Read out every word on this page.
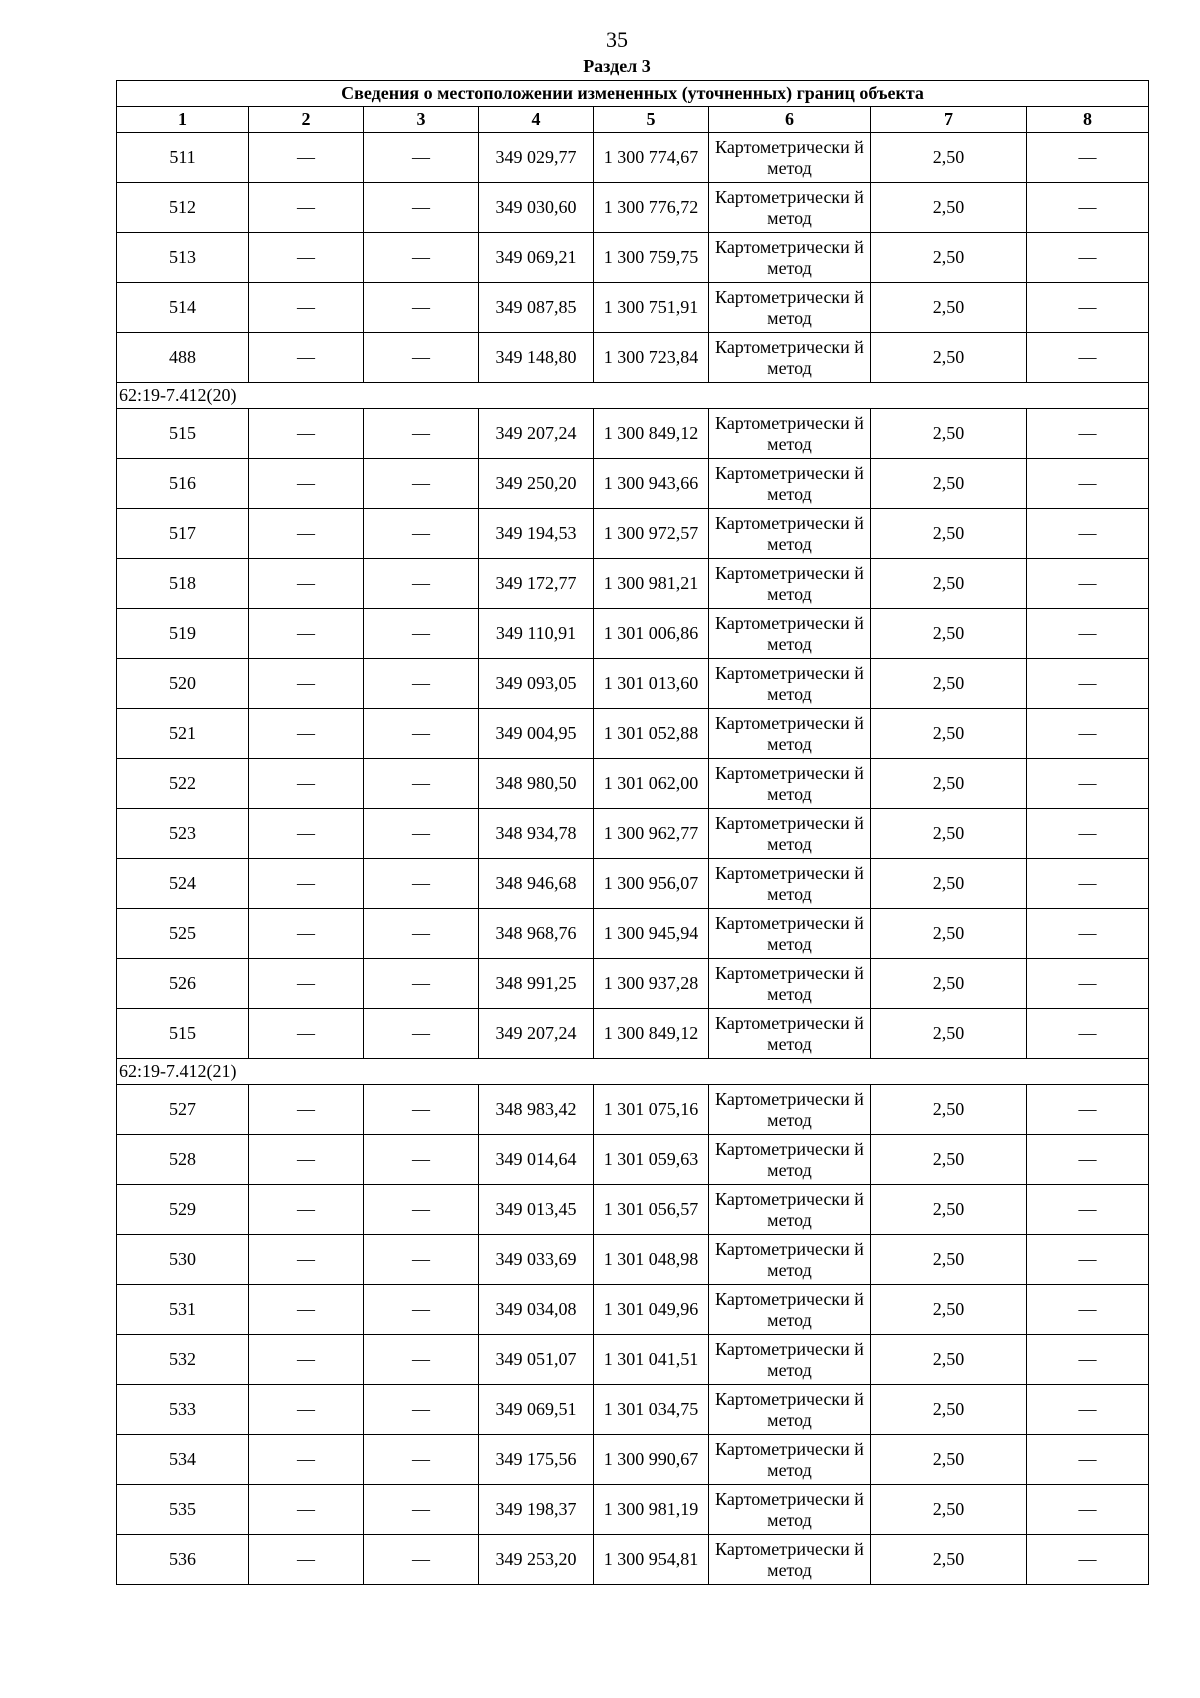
35
Раздел 3
Сведения о местоположении измененных (уточненных) границ объекта							
1	2	3	4	5	6	7	8
511	—	—	349 029,77	1 300 774,67	Картометрически й метод	2,50	—
512	—	—	349 030,60	1 300 776,72	Картометрически й метод	2,50	—
513	—	—	349 069,21	1 300 759,75	Картометрически й метод	2,50	—
514	—	—	349 087,85	1 300 751,91	Картометрически й метод	2,50	—
488	—	—	349 148,80	1 300 723,84	Картометрически й метод	2,50	—
62:19-7.412(20)							
515	—	—	349 207,24	1 300 849,12	Картометрически й метод	2,50	—
516	—	—	349 250,20	1 300 943,66	Картометрически й метод	2,50	—
517	—	—	349 194,53	1 300 972,57	Картометрически й метод	2,50	—
518	—	—	349 172,77	1 300 981,21	Картометрически й метод	2,50	—
519	—	—	349 110,91	1 301 006,86	Картометрически й метод	2,50	—
520	—	—	349 093,05	1 301 013,60	Картометрически й метод	2,50	—
521	—	—	349 004,95	1 301 052,88	Картометрически й метод	2,50	—
522	—	—	348 980,50	1 301 062,00	Картометрически й метод	2,50	—
523	—	—	348 934,78	1 300 962,77	Картометрически й метод	2,50	—
524	—	—	348 946,68	1 300 956,07	Картометрически й метод	2,50	—
525	—	—	348 968,76	1 300 945,94	Картометрически й метод	2,50	—
526	—	—	348 991,25	1 300 937,28	Картометрически й метод	2,50	—
515	—	—	349 207,24	1 300 849,12	Картометрически й метод	2,50	—
62:19-7.412(21)							
527	—	—	348 983,42	1 301 075,16	Картометрически й метод	2,50	—
528	—	—	349 014,64	1 301 059,63	Картометрически й метод	2,50	—
529	—	—	349 013,45	1 301 056,57	Картометрически й метод	2,50	—
530	—	—	349 033,69	1 301 048,98	Картометрически й метод	2,50	—
531	—	—	349 034,08	1 301 049,96	Картометрически й метод	2,50	—
532	—	—	349 051,07	1 301 041,51	Картометрически й метод	2,50	—
533	—	—	349 069,51	1 301 034,75	Картометрически й метод	2,50	—
534	—	—	349 175,56	1 300 990,67	Картометрически й метод	2,50	—
535	—	—	349 198,37	1 300 981,19	Картометрически й метод	2,50	—
536	—	—	349 253,20	1 300 954,81	Картометрически й метод	2,50	—
